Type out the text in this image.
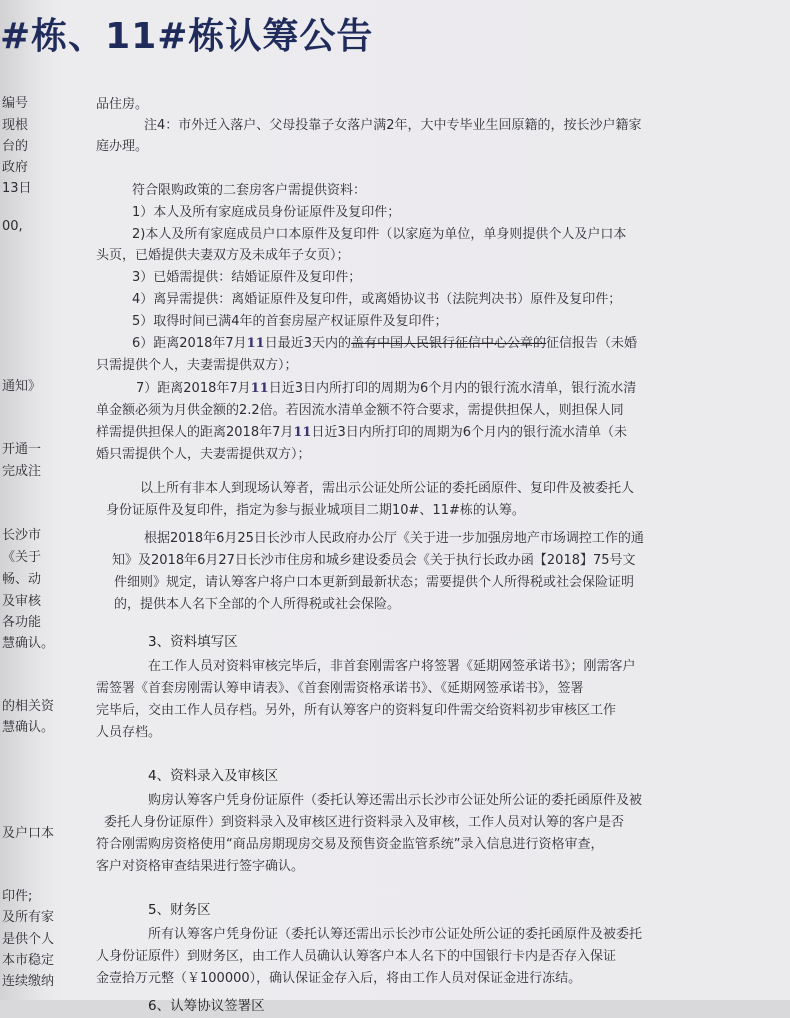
#栋、11#栋认筹公告
编号
现根
台的
政府
13日
00,
通知》
开通一
完成注
长沙市
《关于
畅、动
及审核
各功能
慧确认。
的相关资
慧确认。
及户口本
印件;
及所有家
是供个人
本市稳定
连续缴纳
品住房。
注4：市外迁入落户、父母投靠子女落户满2年，大中专毕业生回原籍的，按长沙户籍家
庭办理。
符合限购政策的二套房客户需提供资料：
1）本人及所有家庭成员身份证原件及复印件；
2)本人及所有家庭成员户口本原件及复印件（以家庭为单位，单身则提供个人及户口本
头页，已婚提供夫妻双方及未成年子女页）；
3）已婚需提供：结婚证原件及复印件；
4）离异需提供：离婚证原件及复印件，或离婚协议书（法院判决书）原件及复印件；
5）取得时间已满4年的首套房屋产权证原件及复印件；
6）距离2018年7月11日最近3天内的盖有中国人民银行征信中心公章的征信报告（未婚
只需提供个人，夫妻需提供双方）；
7）距离2018年7月11日近3日内所打印的周期为6个月内的银行流水清单，银行流水清
单金额必须为月供金额的2.2倍。若因流水清单金额不符合要求，需提供担保人，则担保人同
样需提供担保人的距离2018年7月11日近3日内所打印的周期为6个月内的银行流水清单（未
婚只需提供个人，夫妻需提供双方）；
以上所有非本人到现场认筹者，需出示公证处所公证的委托函原件、复印件及被委托人
身份证原件及复印件，指定为参与振业城项目二期10#、11#栋的认筹。
根据2018年6月25日长沙市人民政府办公厅《关于进一步加强房地产市场调控工作的通
知》及2018年6月27日长沙市住房和城乡建设委员会《关于执行长政办函【2018】75号文
件细则》规定，请认筹客户将户口本更新到最新状态；需要提供个人所得税或社会保险证明
的，提供本人名下全部的个人所得税或社会保险。
3、资料填写区
在工作人员对资料审核完毕后，非首套刚需客户将签署《延期网签承诺书》；刚需客户
需签署《首套房刚需认筹申请表》、《首套刚需资格承诺书》、《延期网签承诺书》，签署
完毕后，交由工作人员存档。另外，所有认筹客户的资料复印件需交给资料初步审核区工作
人员存档。
4、资料录入及审核区
购房认筹客户凭身份证原件（委托认筹还需出示长沙市公证处所公证的委托函原件及被
委托人身份证原件）到资料录入及审核区进行资料录入及审核，工作人员对认筹的客户是否
符合刚需购房资格使用“商品房期现房交易及预售资金监管系统”录入信息进行资格审查，
客户对资格审查结果进行签字确认。
5、财务区
所有认筹客户凭身份证（委托认筹还需出示长沙市公证处所公证的委托函原件及被委托
人身份证原件）到财务区，由工作人员确认认筹客户本人名下的中国银行卡内是否存入保证
金壹拾万元整（￥100000），确认保证金存入后，将由工作人员对保证金进行冻结。
6、认筹协议签署区
